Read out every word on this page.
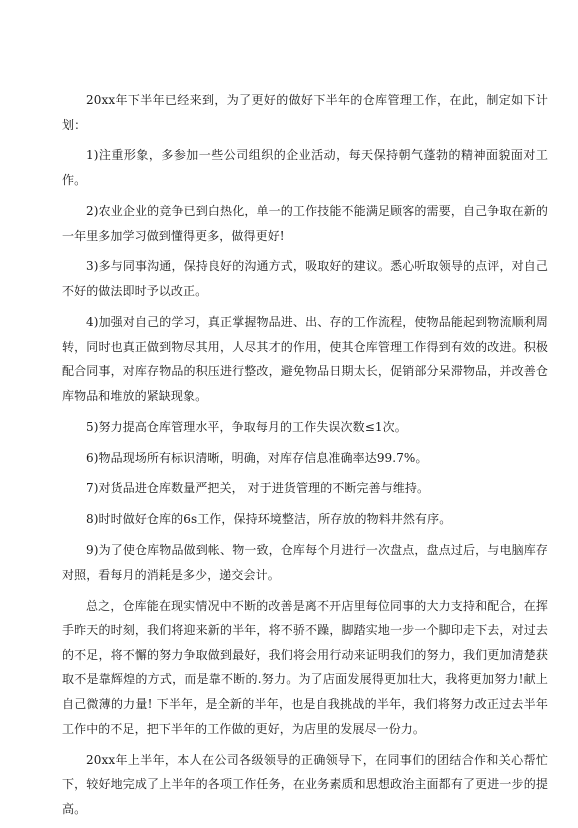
20xx年下半年已经来到，为了更好的做好下半年的仓库管理工作，在此，制定如下计划：

1)注重形象，多参加一些公司组织的企业活动，每天保持朝气蓬勃的精神面貌面对工作。

2)农业企业的竞争已到白热化，单一的工作技能不能满足顾客的需要，自己争取在新的一年里多加学习做到懂得更多，做得更好!

3)多与同事沟通，保持良好的沟通方式，吸取好的建议。悉心听取领导的点评，对自己不好的做法即时予以改正。

4)加强对自己的学习，真正掌握物品进、出、存的工作流程，使物品能起到物流顺利周转，同时也真正做到物尽其用，人尽其才的作用，使其仓库管理工作得到有效的改进。积极配合同事，对库存物品的积压进行整改，避免物品日期太长，促销部分呆滞物品，并改善仓库物品和堆放的紧缺现象。

5)努力提高仓库管理水平，争取每月的工作失误次数≤1次。

6)物品现场所有标识清晰，明确，对库存信息准确率达99.7%。

7)对货品进仓库数量严把关， 对于进货管理的不断完善与维持。

8)时时做好仓库的6s工作，保持环境整洁，所存放的物料井然有序。

9)为了使仓库物品做到帐、物一致，仓库每个月进行一次盘点，盘点过后，与电脑库存对照，看每月的消耗是多少，递交会计。

总之，仓库能在现实情况中不断的改善是离不开店里每位同事的大力支持和配合，在挥手昨天的时刻，我们将迎来新的半年，将不骄不躁，脚踏实地一步一个脚印走下去，对过去的不足，将不懈的努力争取做到最好，我们将会用行动来证明我们的努力，我们更加清楚获取不是靠辉煌的方式，而是靠不断的.努力。为了店面发展得更加壮大，我将更加努力!献上自己微薄的力量! 下半年，是全新的半年，也是自我挑战的半年，我们将努力改正过去半年工作中的不足，把下半年的工作做的更好，为店里的发展尽一份力。

20xx年上半年，本人在公司各级领导的正确领导下，在同事们的团结合作和关心帮忙下，较好地完成了上半年的各项工作任务，在业务素质和思想政治主面都有了更进一步的提高。
